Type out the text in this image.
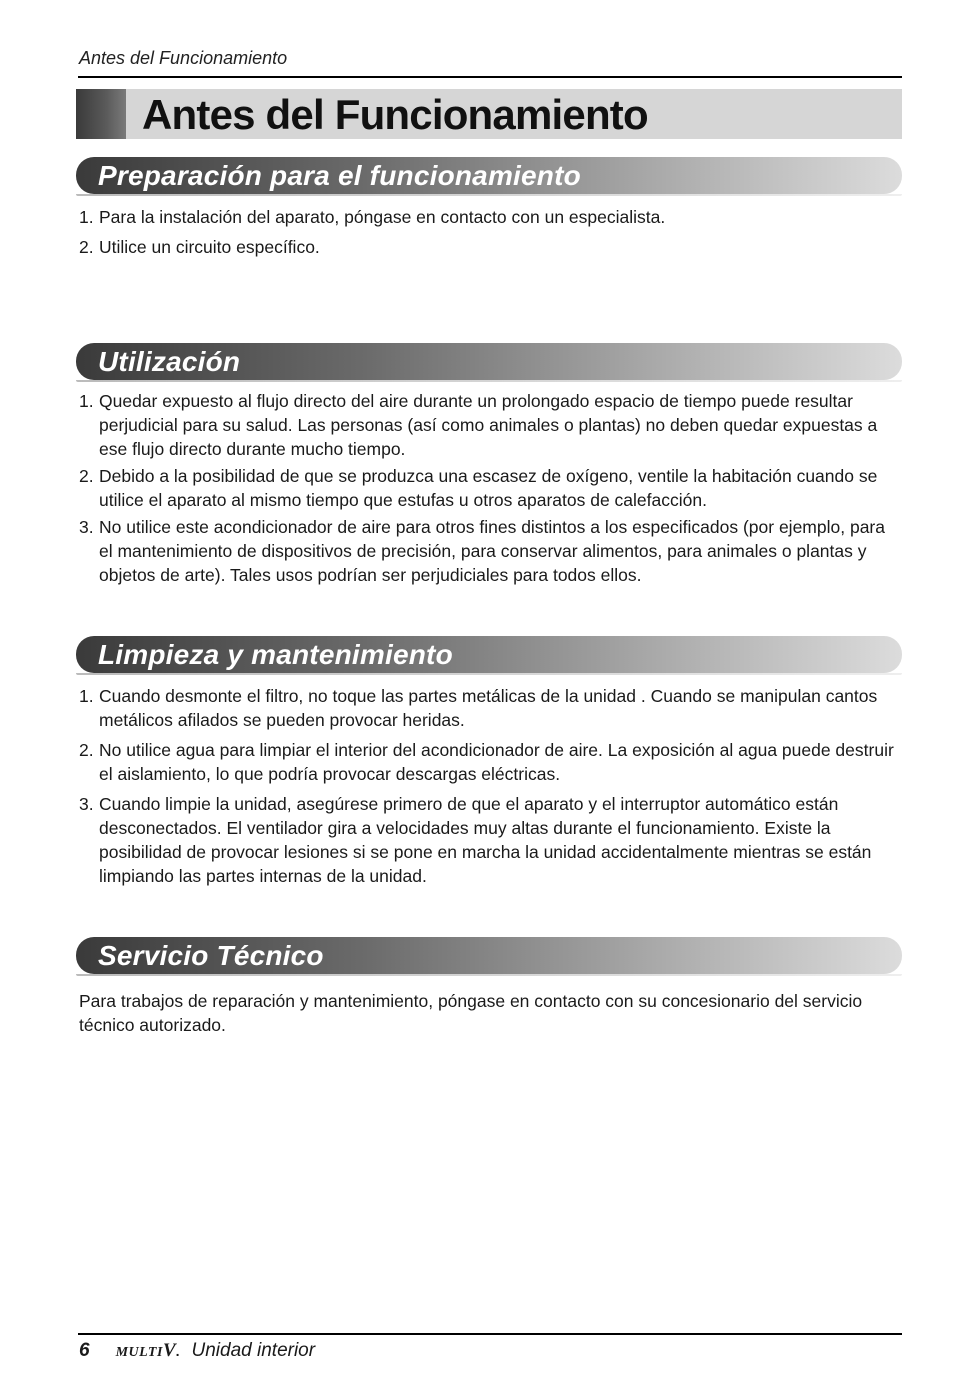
Antes del Funcionamiento
Antes del Funcionamiento
Preparación para el funcionamiento
1. Para la instalación del aparato, póngase en contacto con un especialista.
2. Utilice un circuito específico.
Utilización
1. Quedar expuesto al flujo directo del aire durante un prolongado espacio de tiempo puede resultar perjudicial para su salud. Las personas (así como animales o plantas) no deben quedar expuestas a ese flujo directo durante mucho tiempo.
2. Debido a la posibilidad de que se produzca una escasez de oxígeno, ventile la habitación cuando se utilice el aparato al mismo tiempo que estufas u otros aparatos de calefacción.
3. No utilice este acondicionador de aire para otros fines distintos a los especificados (por ejemplo, para el mantenimiento de dispositivos de precisión, para conservar alimentos, para animales o plantas y objetos de arte). Tales usos podrían ser perjudiciales para todos ellos.
Limpieza y mantenimiento
1. Cuando desmonte el filtro, no toque las partes metálicas de la unidad . Cuando se manipulan cantos metálicos afilados se pueden provocar heridas.
2. No utilice agua para limpiar el interior del acondicionador de aire. La exposición al agua puede destruir el aislamiento, lo que podría provocar descargas eléctricas.
3. Cuando limpie la unidad, asegúrese primero de que el aparato y el interruptor automático están desconectados. El ventilador gira a velocidades muy altas durante el funcionamiento. Existe la posibilidad de provocar lesiones si se pone en marcha la unidad accidentalmente mientras se están limpiando las partes internas de la unidad.
Servicio Técnico

Para trabajos de reparación y mantenimiento, póngase en contacto con su concesionario del servicio técnico autorizado.

6 MULTI V . Unidad interior
